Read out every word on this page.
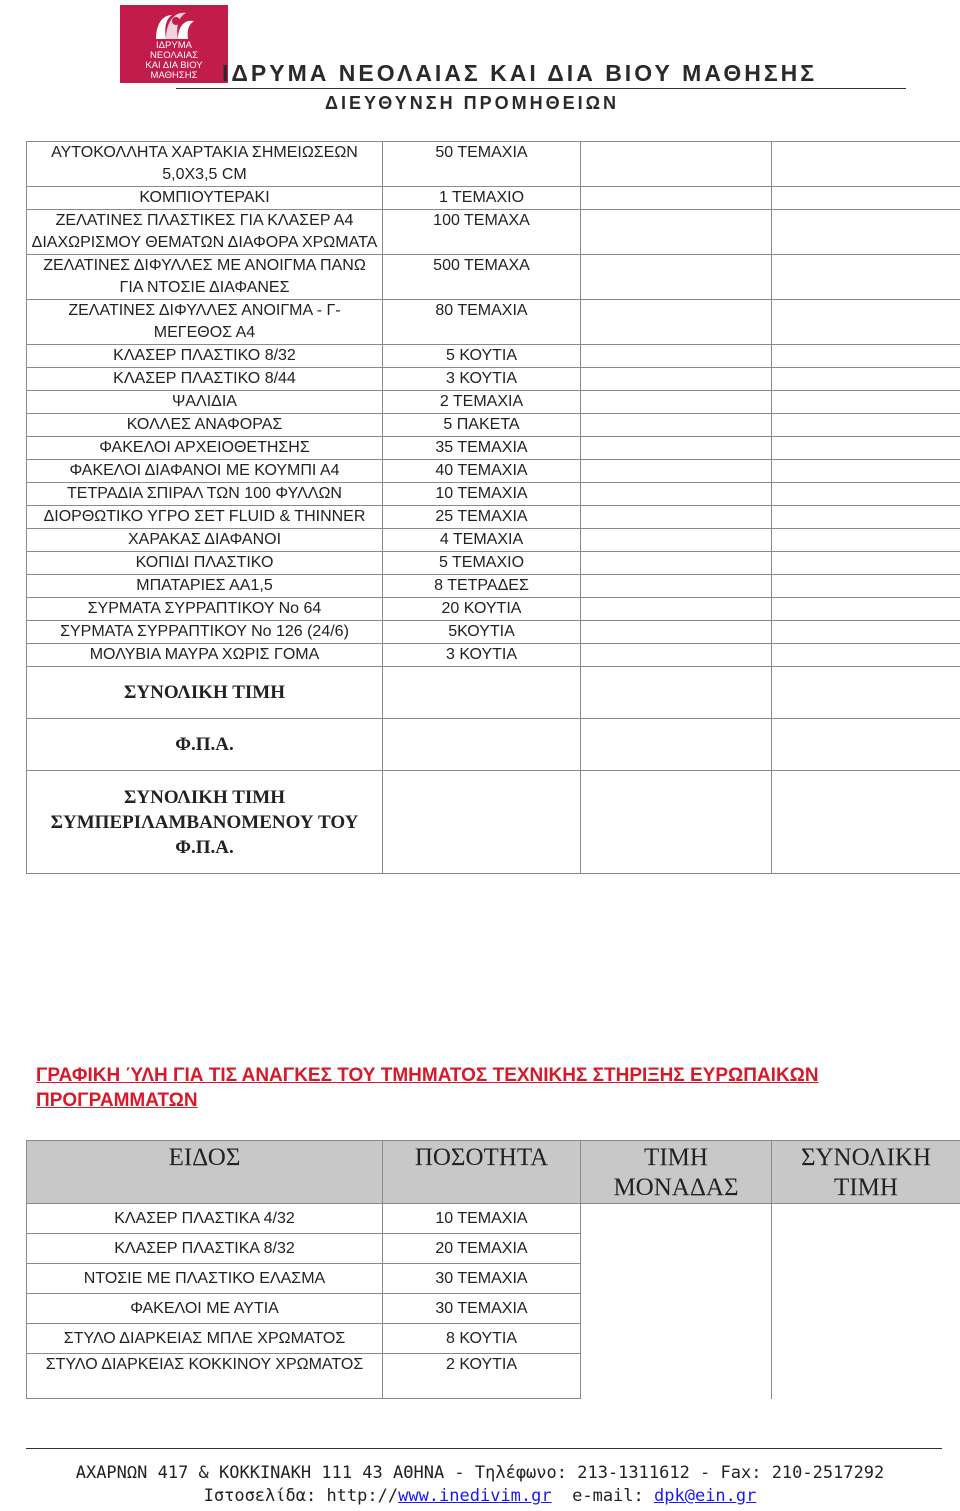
ΙΔΡΥΜΑ
ΝΕΟΛΑΙΑΣ
ΚΑΙ ΔΙΑ ΒΙΟΥ
ΜΑΘΗΣΗΣ	ΙΔΡΥΜΑ ΝΕΟΛΑΙΑΣ ΚΑΙ ΔΙΑ ΒΙΟΥ ΜΑΘΗΣΗΣ
ΔΙΕΥΘΥΝΣΗ ΠΡΟΜΗΘΕΙΩΝ
ΑΥΤΟΚΟΛΛΗΤΑ ΧΑΡΤΑΚΙΑ ΣΗΜΕΙΩΣΕΩΝ 5,0Χ3,5 CM	50 ΤΕΜΑΧΙΑ		
ΚΟΜΠΙΟΥΤΕΡΑΚΙ	1 ΤΕΜΑΧΙΟ		
ΖΕΛΑΤΙΝΕΣ ΠΛΑΣΤΙΚΕΣ ΓΙΑ ΚΛΑΣΕΡ Α4 ΔΙΑΧΩΡΙΣΜΟΥ ΘΕΜΑΤΩΝ ΔΙΑΦΟΡΑ ΧΡΩΜΑΤΑ	100 ΤΕΜΑΧΑ		
ΖΕΛΑΤΙΝΕΣ ΔΙΦΥΛΛΕΣ ΜΕ ΑΝΟΙΓΜΑ ΠΑΝΩ ΓΙΑ ΝΤΟΣΙΕ ΔΙΑΦΑΝΕΣ	500 ΤΕΜΑΧΑ		
ΖΕΛΑΤΙΝΕΣ ΔΙΦΥΛΛΕΣ ΑΝΟΙΓΜΑ - Γ- ΜΕΓΕΘΟΣ Α4	80 ΤΕΜΑΧΙΑ		
ΚΛΑΣΕΡ ΠΛΑΣΤΙΚΟ 8/32	5 ΚΟΥΤΙΑ		
ΚΛΑΣΕΡ ΠΛΑΣΤΙΚΟ 8/44	3 ΚΟΥΤΙΑ		
ΨΑΛΙΔΙΑ	2 ΤΕΜΑΧΙΑ		
ΚΟΛΛΕΣ ΑΝΑΦΟΡΑΣ	5 ΠΑΚΕΤΑ		
ΦΑΚΕΛΟΙ ΑΡΧΕΙΟΘΕΤΗΣΗΣ	35 ΤΕΜΑΧΙΑ		
ΦΑΚΕΛΟΙ ΔΙΑΦΑΝΟΙ ΜΕ ΚΟΥΜΠΙ Α4	40 ΤΕΜΑΧΙΑ		
ΤΕΤΡΑΔΙΑ ΣΠΙΡΑΛ ΤΩΝ 100 ΦΥΛΛΩΝ	10 ΤΕΜΑΧΙΑ		
ΔΙΟΡΘΩΤΙΚΟ ΥΓΡΟ ΣΕΤ FLUID & THINNER	25 ΤΕΜΑΧΙΑ		
ΧΑΡΑΚΑΣ ΔΙΑΦΑΝΟΙ	4 ΤΕΜΑΧΙΑ		
ΚΟΠΙΔΙ ΠΛΑΣΤΙΚΟ	5 ΤΕΜΑΧΙΟ		
ΜΠΑΤΑΡΙΕΣ ΑΑ1,5	8 ΤΕΤΡΑΔΕΣ		
ΣΥΡΜΑΤΑ ΣΥΡΡΑΠΤΙΚΟΥ Νο 64	20 ΚΟΥΤΙΑ		
ΣΥΡΜΑΤΑ ΣΥΡΡΑΠΤΙΚΟΥ Νο 126 (24/6)	5ΚΟΥΤΙΑ		
ΜΟΛΥΒΙΑ ΜΑΥΡΑ ΧΩΡΙΣ ΓΟΜΑ	3 ΚΟΥΤΙΑ		
ΣΥΝΟΛΙΚΗ ΤΙΜΗ			
Φ.Π.Α.			
ΣΥΝΟΛΙΚΗ ΤΙΜΗ ΣΥΜΠΕΡΙΛΑΜΒΑΝΟΜΕΝΟΥ ΤΟΥ Φ.Π.Α.			
ΓΡΑΦΙΚΗ ΎΛΗ ΓΙΑ ΤΙΣ ΑΝΑΓΚΕΣ ΤΟΥ ΤΜΗΜΑΤΟΣ ΤΕΧΝΙΚΗΣ ΣΤΗΡΙΞΗΣ ΕΥΡΩΠΑΙΚΩΝ ΠΡΟΓΡΑΜΜΑΤΩΝ
ΕΙΔΟΣ	ΠΟΣΟΤΗΤΑ	ΤΙΜΗ ΜΟΝΑΔΑΣ	ΣΥΝΟΛΙΚΗ ΤΙΜΗ
ΚΛΑΣΕΡ ΠΛΑΣΤΙΚΑ 4/32	10 ΤΕΜΑΧΙΑ		
ΚΛΑΣΕΡ ΠΛΑΣΤΙΚΑ 8/32	20 ΤΕΜΑΧΙΑ		
ΝΤΟΣΙΕ ΜΕ ΠΛΑΣΤΙΚΟ ΕΛΑΣΜΑ	30 ΤΕΜΑΧΙΑ		
ΦΑΚΕΛΟΙ ΜΕ ΑΥΤΙΑ	30 ΤΕΜΑΧΙΑ		
ΣΤΥΛΟ ΔΙΑΡΚΕΙΑΣ ΜΠΛΕ ΧΡΩΜΑΤΟΣ	8 ΚΟΥΤΙΑ		
ΣΤΥΛΟ ΔΙΑΡΚΕΙΑΣ ΚΟΚΚΙΝΟΥ ΧΡΩΜΑΤΟΣ	2 ΚΟΥΤΙΑ		
ΑΧΑΡΝΩΝ 417 & ΚΟΚΚΙΝΑΚΗ 111 43 ΑΘΗΝΑ - Τηλέφωνο: 213-1311612 - Fax: 210-2517292
Ιστοσελίδα: http://www.inedivim.gr e-mail: dpk@ein.gr
